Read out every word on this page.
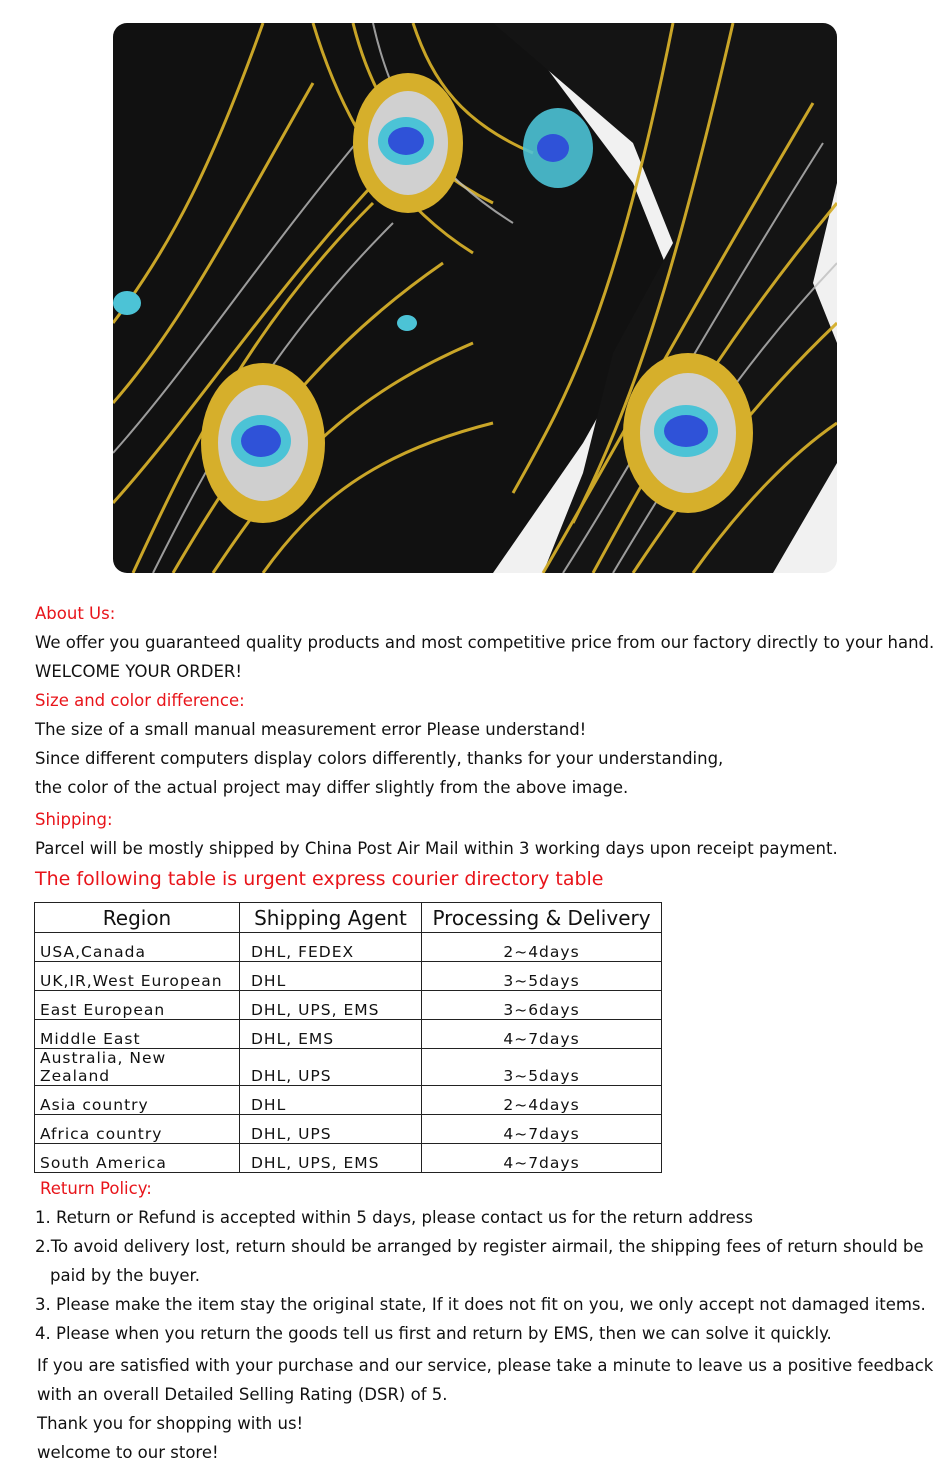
About Us:
We offer you guaranteed quality products and most competitive price from our factory directly to your hand.
WELCOME YOUR ORDER!
Size and color difference:
The size of a small manual measurement error Please understand!
Since different computers display colors differently, thanks for your understanding,
the color of the actual project may differ slightly from the above image.
Shipping:
Parcel will be mostly shipped by China Post Air Mail within 3 working days upon receipt payment.
The following table is urgent express courier directory table
Region	Shipping Agent	Processing & Delivery
USA,Canada	DHL, FEDEX	2~4days
UK,IR,West European	DHL	3~5days
East European	DHL, UPS, EMS	3~6days
Middle East	DHL, EMS	4~7days
Australia, New Zealand	DHL, UPS	3~5days
Asia country	DHL	2~4days
Africa country	DHL, UPS	4~7days
South America	DHL, UPS, EMS	4~7days
Return Policy:
1. Return or Refund is accepted within 5 days, please contact us for the return address
2.To avoid delivery lost, return should be arranged by register airmail, the shipping fees of return should be
paid by the buyer.
3. Please make the item stay the original state, If it does not fit on you, we only accept not damaged items.
4. Please when you return the goods tell us first and return by EMS, then we can solve it quickly.
If you are satisfied with your purchase and our service, please take a minute to leave us a positive feedback
with an overall Detailed Selling Rating (DSR) of 5.
Thank you for shopping with us!
welcome to our store!
